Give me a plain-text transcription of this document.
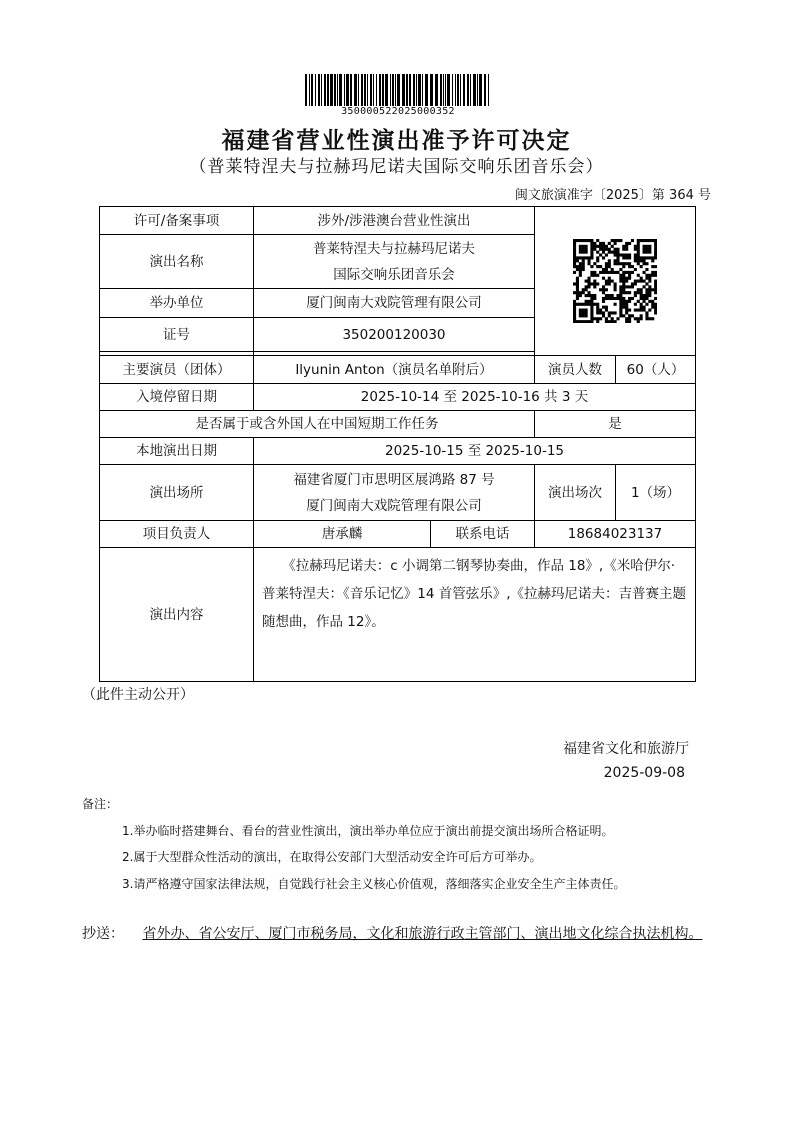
350000522025000352
福建省营业性演出准予许可决定
（普莱特涅夫与拉赫玛尼诺夫国际交响乐团音乐会）
闽文旅演准字〔2025〕第 364 号
许可/备案事项	涉外/涉港澳台营业性演出	

演出名称	普莱特涅夫与拉赫玛尼诺夫
国际交响乐团音乐会			

举办单位	厦门闽南大戏院管理有限公司			
证号	350200120030			

主要演员（团体）	Ilyunin Anton（演员名单附后）		演员人数	60（人）
入境停留日期	2025-10-14 至 2025-10-16 共 3 天			
是否属于或含外国人在中国短期工作任务			是	
本地演出日期	2025-10-15 至 2025-10-15			
演出场所	福建省厦门市思明区展鸿路 87 号
厦门闽南大戏院管理有限公司		演出场次	1（场）
项目负责人	唐承麟	联系电话	18684023137	
演出内容	　　《拉赫玛尼诺夫：c 小调第二钢琴协奏曲，作品 18》,《米哈伊尔·普莱特涅夫：《音乐记忆》14 首管弦乐》,《拉赫玛尼诺夫：吉普赛主题随想曲，作品 12》。			
（此件主动公开）
福建省文化和旅游厅
2025-09-08
备注：
1.举办临时搭建舞台、看台的营业性演出，演出举办单位应于演出前提交演出场所合格证明。
2.属于大型群众性活动的演出，在取得公安部门大型活动安全许可后方可举办。
3.请严格遵守国家法律法规，自觉践行社会主义核心价值观，落细落实企业安全生产主体责任。
抄送： 省外办、省公安厅、厦门市税务局，文化和旅游行政主管部门、演出地文化综合执法机构。
